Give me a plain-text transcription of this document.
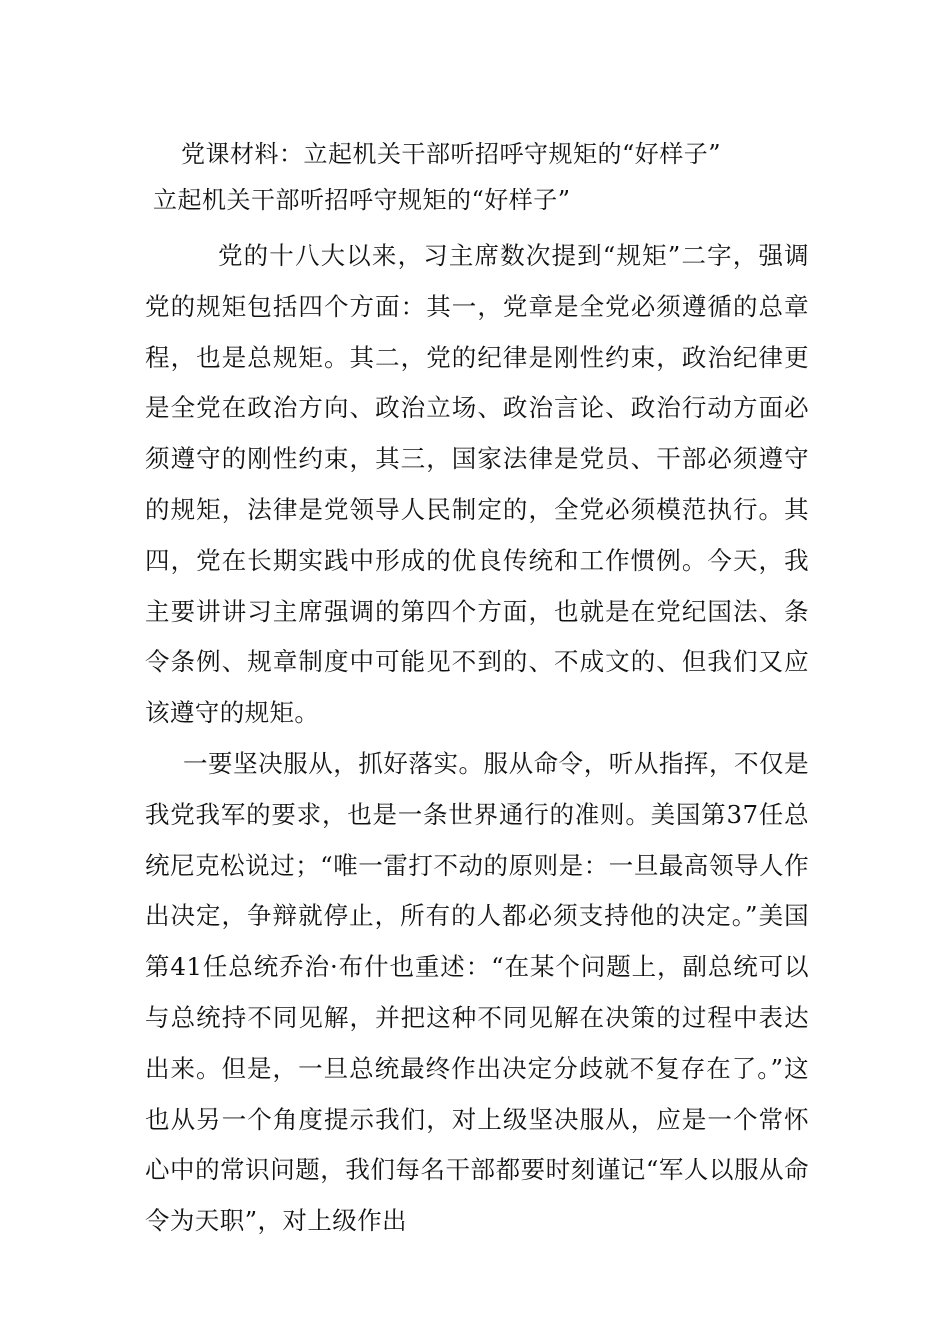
党课材料：立起机关干部听招呼守规矩的“好样子”
立起机关干部听招呼守规矩的“好样子”

党的十八大以来，习主席数次提到“规矩”二字，强调党的规矩包括四个方面：其一，党章是全党必须遵循的总章程，也是总规矩。其二，党的纪律是刚性约束，政治纪律更是全党在政治方向、政治立场、政治言论、政治行动方面必须遵守的刚性约束，其三，国家法律是党员、干部必须遵守的规矩，法律是党领导人民制定的，全党必须模范执行。其四，党在长期实践中形成的优良传统和工作惯例。今天，我主要讲讲习主席强调的第四个方面，也就是在党纪国法、条令条例、规章制度中可能见不到的、不成文的、但我们又应该遵守的规矩。

一要坚决服从，抓好落实。服从命令，听从指挥，不仅是我党我军的要求，也是一条世界通行的准则。美国第37任总统尼克松说过；“唯一雷打不动的原则是：一旦最高领导人作出决定，争辩就停止，所有的人都必须支持他的决定。”美国第41任总统乔治·布什也重述：“在某个问题上，副总统可以与总统持不同见解，并把这种不同见解在决策的过程中表达出来。但是，一旦总统最终作出决定分歧就不复存在了。”这也从另一个角度提示我们，对上级坚决服从，应是一个常怀心中的常识问题，我们每名干部都要时刻谨记“军人以服从命令为天职”，对上级作出
